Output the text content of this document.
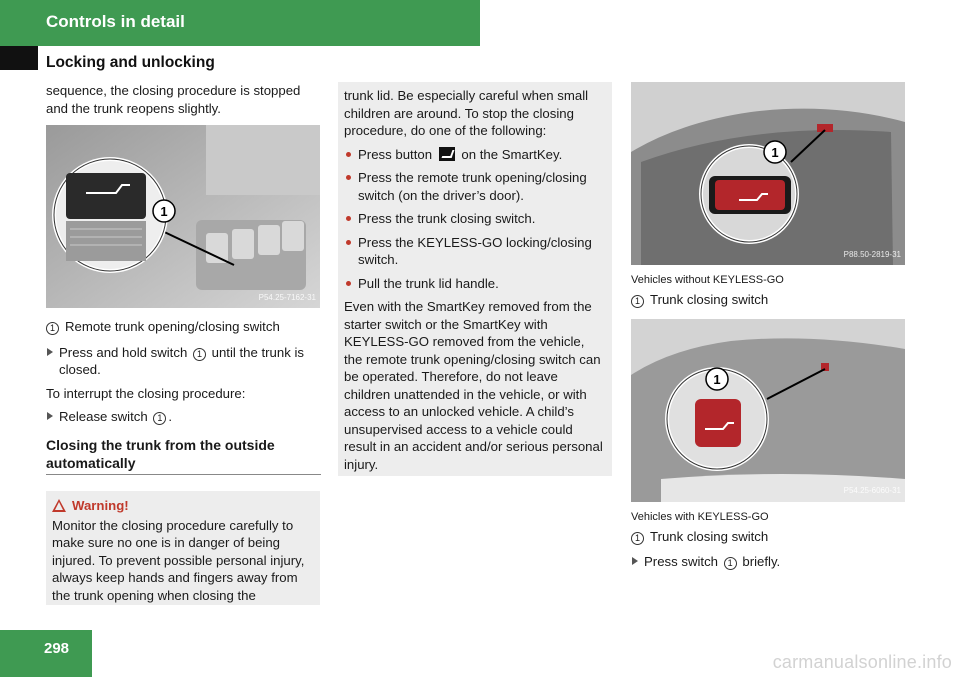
Controls in detail
Locking and unlocking
sequence, the closing procedure is stopped and the trunk reopens slightly.
1
P54.25-7162-31
1 Remote trunk opening/closing switch
Press and hold switch 1 until the trunk is closed.
To interrupt the closing procedure:
Release switch 1 .
Closing the trunk from the outside automatically
Warning!
Monitor the closing procedure carefully to make sure no one is in danger of being injured. To prevent possible personal injury, always keep hands and fingers away from the trunk opening when closing the
trunk lid. Be especially careful when small children are around. To stop the closing procedure, do one of the following:
Press button on the SmartKey.
Press the remote trunk opening/closing switch (on the driver’s door).
Press the trunk closing switch.
Press the KEYLESS-GO locking/closing switch.
Pull the trunk lid handle.
Even with the SmartKey removed from the starter switch or the SmartKey with KEYLESS-GO removed from the vehicle, the remote trunk opening/closing switch can be operated. Therefore, do not leave children unattended in the vehicle, or with access to an unlocked vehicle. A child’s unsupervised access to a vehicle could result in an accident and/or serious personal injury.
1
P88.50-2819-31
Vehicles without KEYLESS-GO
1 Trunk closing switch
1
P54.25-6060-31
Vehicles with KEYLESS-GO
1 Trunk closing switch
Press switch 1 briefly.
298
carmanualsonline.info
